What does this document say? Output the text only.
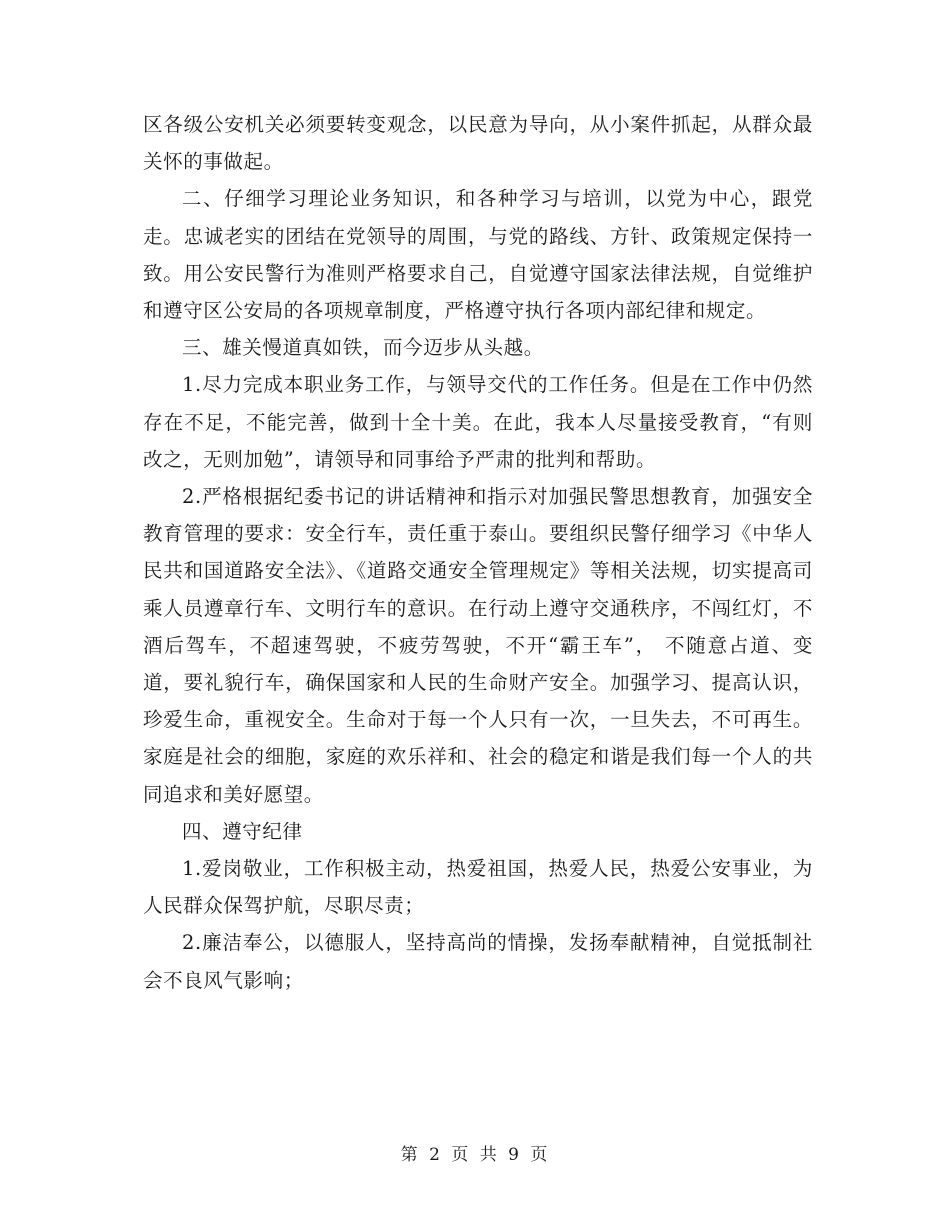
区各级公安机关必须要转变观念，以民意为导向，从小案件抓起，从群众最关怀的事做起。

二、仔细学习理论业务知识，和各种学习与培训，以党为中心，跟党走。忠诚老实的团结在党领导的周围，与党的路线、方针、政策规定保持一致。用公安民警行为准则严格要求自己，自觉遵守国家法律法规，自觉维护和遵守区公安局的各项规章制度，严格遵守执行各项内部纪律和规定。

三、雄关慢道真如铁，而今迈步从头越。

1.尽力完成本职业务工作，与领导交代的工作任务。但是在工作中仍然存在不足，不能完善，做到十全十美。在此，我本人尽量接受教育，“有则改之，无则加勉”，请领导和同事给予严肃的批判和帮助。

2.严格根据纪委书记的讲话精神和指示对加强民警思想教育，加强安全教育管理的要求：安全行车，责任重于泰山。要组织民警仔细学习《中华人民共和国道路安全法》、《道路交通安全管理规定》等相关法规，切实提高司乘人员遵章行车、文明行车的意识。在行动上遵守交通秩序，不闯红灯，不酒后驾车，不超速驾驶，不疲劳驾驶，不开“霸王车”， 不随意占道、变道，要礼貌行车，确保国家和人民的生命财产安全。加强学习、提高认识，珍爱生命，重视安全。生命对于每一个人只有一次，一旦失去，不可再生。家庭是社会的细胞，家庭的欢乐祥和、社会的稳定和谐是我们每一个人的共同追求和美好愿望。

四、遵守纪律

1.爱岗敬业，工作积极主动，热爱祖国，热爱人民，热爱公安事业，为人民群众保驾护航，尽职尽责；

2.廉洁奉公，以德服人，坚持高尚的情操，发扬奉献精神，自觉抵制社会不良风气影响；

第 2 页 共 9 页
